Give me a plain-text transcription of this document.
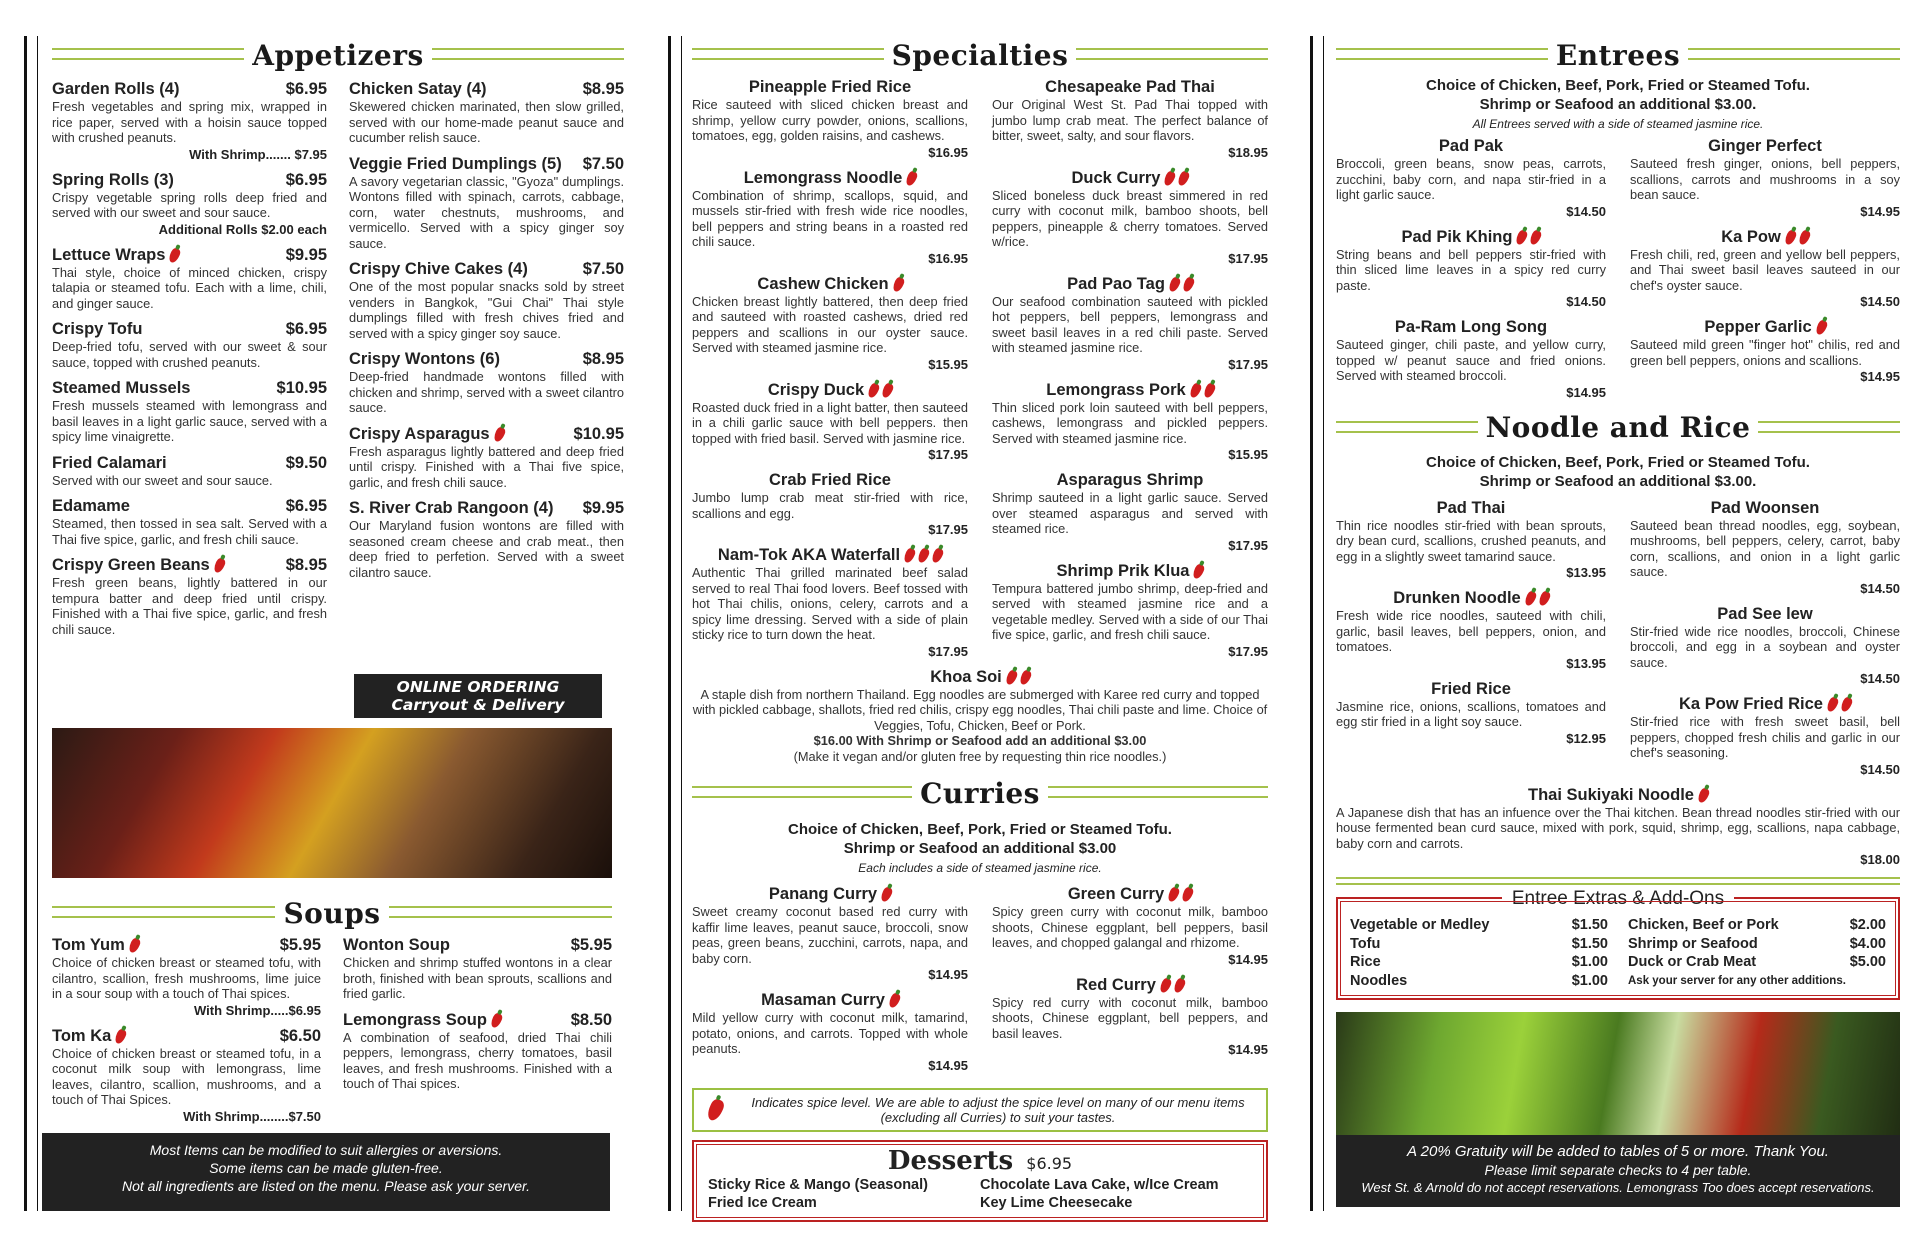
Appetizers
Garden Rolls (4)	$6.95
Fresh vegetables and spring mix, wrapped in rice paper, served with a hoisin sauce topped with crushed peanuts.
With Shrimp....... $7.95
Spring Rolls (3)	$6.95
Crispy vegetable spring rolls deep fried and served with our sweet and sour sauce.
Additional Rolls $2.00 each
Lettuce Wraps	$9.95
Thai style, choice of minced chicken, crispy talapia or steamed tofu. Each with a lime, chili, and ginger sauce.
Crispy Tofu	$6.95
Deep-fried tofu, served with our sweet & sour sauce, topped with crushed peanuts.
Steamed Mussels	$10.95
Fresh mussels steamed with lemongrass and basil leaves in a light garlic sauce, served with a spicy lime vinaigrette.
Fried Calamari	$9.50
Served with our sweet and sour sauce.
Edamame	$6.95
Steamed, then tossed in sea salt. Served with a Thai five spice, garlic, and fresh chili sauce.
Crispy Green Beans	$8.95
Fresh green beans, lightly battered in our tempura batter and deep fried until crispy. Finished with a Thai five spice, garlic, and fresh chili sauce.
Chicken Satay (4)	$8.95
Skewered chicken marinated, then slow grilled, served with our home-made peanut sauce and cucumber relish sauce.
Veggie Fried Dumplings (5) $7.50
A savory vegetarian classic, "Gyoza" dumplings. Wontons filled with spinach, carrots, cabbage, corn, water chestnuts, mushrooms, and vermicello. Served with a spicy ginger soy sauce.
Crispy Chive Cakes (4)	$7.50
One of the most popular snacks sold by street venders in Bangkok, "Gui Chai" Thai style dumplings filled with fresh chives fried and served with a spicy ginger soy sauce.
Crispy Wontons (6)	$8.95
Deep-fried handmade wontons filled with chicken and shrimp, served with a sweet cilantro sauce.
Crispy Asparagus	$10.95
Fresh asparagus lightly battered and deep fried until crispy. Finished with a Thai five spice, garlic, and fresh chili sauce.
S. River Crab Rangoon (4) $9.95
Our Maryland fusion wontons are filled with seasoned cream cheese and crab meat., then deep fried to perfetion. Served with a sweet cilantro sauce.
ONLINE ORDERING
Carryout & Delivery
Soups
Tom Yum	$5.95
Choice of chicken breast or steamed tofu, with cilantro, scallion, fresh mushrooms, lime juice in a sour soup with a touch of Thai spices.
With Shrimp.....$6.95
Tom Ka	$6.50
Choice of chicken breast or steamed tofu, in a coconut milk soup with lemongrass, lime leaves, cilantro, scallion, mushrooms, and a touch of Thai Spices.
With Shrimp........$7.50
Wonton Soup	$5.95
Chicken and shrimp stuffed wontons in a clear broth, finished with bean sprouts, scallions and fried garlic.
Lemongrass Soup	$8.50
A combination of seafood, dried Thai chili peppers, lemongrass, cherry tomatoes, basil leaves, and fresh mushrooms. Finished with a touch of Thai spices.
Most Items can be modified to suit allergies or aversions.
Some items can be made gluten-free.
Not all ingredients are listed on the menu. Please ask your server.
Specialties
Pineapple Fried Rice
Rice sauteed with sliced chicken breast and shrimp, yellow curry powder, onions, scallions, tomatoes, egg, golden raisins, and cashews.
$16.95
Lemongrass Noodle
Combination of shrimp, scallops, squid, and mussels stir-fried with fresh wide rice noodles, bell peppers and string beans in a roasted red chili sauce.
$16.95
Cashew Chicken
Chicken breast lightly battered, then deep fried and sauteed with roasted cashews, dried red peppers and scallions in our oyster sauce. Served with steamed jasmine rice.
$15.95
Crispy Duck
Roasted duck fried in a light batter, then sauteed in a chili garlic sauce with bell peppers. then topped with fried basil. Served with jasmine rice.
$17.95
Crab Fried Rice
Jumbo lump crab meat stir-fried with rice, scallions and egg.
$17.95
Nam-Tok AKA Waterfall
Authentic Thai grilled marinated beef salad served to real Thai food lovers. Beef tossed with hot Thai chilis, onions, celery, carrots and a spicy lime dressing. Served with a side of plain sticky rice to turn down the heat.
$17.95
Chesapeake Pad Thai
Our Original West St. Pad Thai topped with jumbo lump crab meat. The perfect balance of bitter, sweet, salty, and sour flavors.
$18.95
Duck Curry
Sliced boneless duck breast simmered in red curry with coconut milk, bamboo shoots, bell peppers, pineapple & cherry tomatoes. Served w/rice.
$17.95
Pad Pao Tag
Our seafood combination sauteed with pickled hot peppers, bell peppers, lemongrass and sweet basil leaves in a red chili paste. Served with steamed jasmine rice.
$17.95
Lemongrass Pork
Thin sliced pork loin sauteed with bell peppers, cashews, lemongrass and pickled peppers. Served with steamed jasmine rice.
$15.95
Asparagus Shrimp
Shrimp sauteed in a light garlic sauce. Served over steamed asparagus and served with steamed rice.
$17.95
Shrimp Prik Klua
Tempura battered jumbo shrimp, deep-fried and served with steamed jasmine rice and a vegetable medley. Served with a side of our Thai five spice, garlic, and fresh chili sauce.
$17.95
Khoa Soi
A staple dish from northern Thailand. Egg noodles are submerged with Karee red curry and topped with pickled cabbage, shallots, fried red chilis, crispy egg noodles, Thai chili paste and lime. Choice of Veggies, Tofu, Chicken, Beef or Pork.
$16.00 With Shrimp or Seafood add an additional $3.00
(Make it vegan and/or gluten free by requesting thin rice noodles.)
Curries
Choice of Chicken, Beef, Pork, Fried or Steamed Tofu.
Shrimp or Seafood an additional $3.00
Each includes a side of steamed jasmine rice.
Panang Curry
Sweet creamy coconut based red curry with kaffir lime leaves, peanut sauce, broccoli, snow peas, green beans, zucchini, carrots, napa, and baby corn.
$14.95
Masaman Curry
Mild yellow curry with coconut milk, tamarind, potato, onions, and carrots. Topped with whole peanuts.
$14.95
Green Curry
Spicy green curry with coconut milk, bamboo shoots, Chinese eggplant, bell peppers, basil leaves, and chopped galangal and rhizome.
$14.95
Red Curry
Spicy red curry with coconut milk, bamboo shoots, Chinese eggplant, bell peppers, and basil leaves.
$14.95
Indicates spice level. We are able to adjust the spice level on many of our menu items (excluding all Curries) to suit your tastes.
Desserts $6.95
Sticky Rice & Mango (Seasonal)
Fried Ice Cream
Chocolate Lava Cake, w/Ice Cream
Key Lime Cheesecake
Entrees
Choice of Chicken, Beef, Pork, Fried or Steamed Tofu.
Shrimp or Seafood an additional $3.00.
All Entrees served with a side of steamed jasmine rice.
Pad Pak
Broccoli, green beans, snow peas, carrots, zucchini, baby corn, and napa stir-fried in a light garlic sauce.
$14.50
Pad Pik Khing
String beans and bell peppers stir-fried with thin sliced lime leaves in a spicy red curry paste.
$14.50
Pa-Ram Long Song
Sauteed ginger, chili paste, and yellow curry, topped w/ peanut sauce and fried onions. Served with steamed broccoli.
$14.95
Ginger Perfect
Sauteed fresh ginger, onions, bell peppers, scallions, carrots and mushrooms in a soy bean sauce.
$14.95
Ka Pow
Fresh chili, red, green and yellow bell peppers, and Thai sweet basil leaves sauteed in our chef's oyster sauce.
$14.50
Pepper Garlic
Sauteed mild green "finger hot" chilis, red and green bell peppers, onions and scallions.
$14.95
Noodle and Rice
Choice of Chicken, Beef, Pork, Fried or Steamed Tofu.
Shrimp or Seafood an additional $3.00.
Pad Thai
Thin rice noodles stir-fried with bean sprouts, dry bean curd, scallions, crushed peanuts, and egg in a slightly sweet tamarind sauce.
$13.95
Drunken Noodle
Fresh wide rice noodles, sauteed with chili, garlic, basil leaves, bell peppers, onion, and tomatoes.
$13.95
Fried Rice
Jasmine rice, onions, scallions, tomatoes and egg stir fried in a light soy sauce.
$12.95
Pad Woonsen
Sauteed bean thread noodles, egg, soybean, mushrooms, bell peppers, celery, carrot, baby corn, scallions, and onion in a light garlic sauce.
$14.50
Pad See lew
Stir-fried wide rice noodles, broccoli, Chinese broccoli, and egg in a soybean and oyster sauce.
$14.50
Ka Pow Fried Rice
Stir-fried rice with fresh sweet basil, bell peppers, chopped fresh chilis and garlic in our chef's seasoning.
$14.50
Thai Sukiyaki Noodle
A Japanese dish that has an infuence over the Thai kitchen. Bean thread noodles stir-fried with our house fermented bean curd sauce, mixed with pork, squid, shrimp, egg, scallions, napa cabbage, baby corn and carrots.
$18.00
Entree Extras & Add-Ons
Vegetable or Medley	$1.50
Tofu	$1.50
Rice	$1.00
Noodles	$1.00
Chicken, Beef or Pork	$2.00
Shrimp or Seafood	$4.00
Duck or Crab Meat	$5.00
Ask your server for any other additions.
A 20% Gratuity will be added to tables of 5 or more. Thank You.
Please limit separate checks to 4 per table.
West St. & Arnold do not accept reservations. Lemongrass Too does accept reservations.
